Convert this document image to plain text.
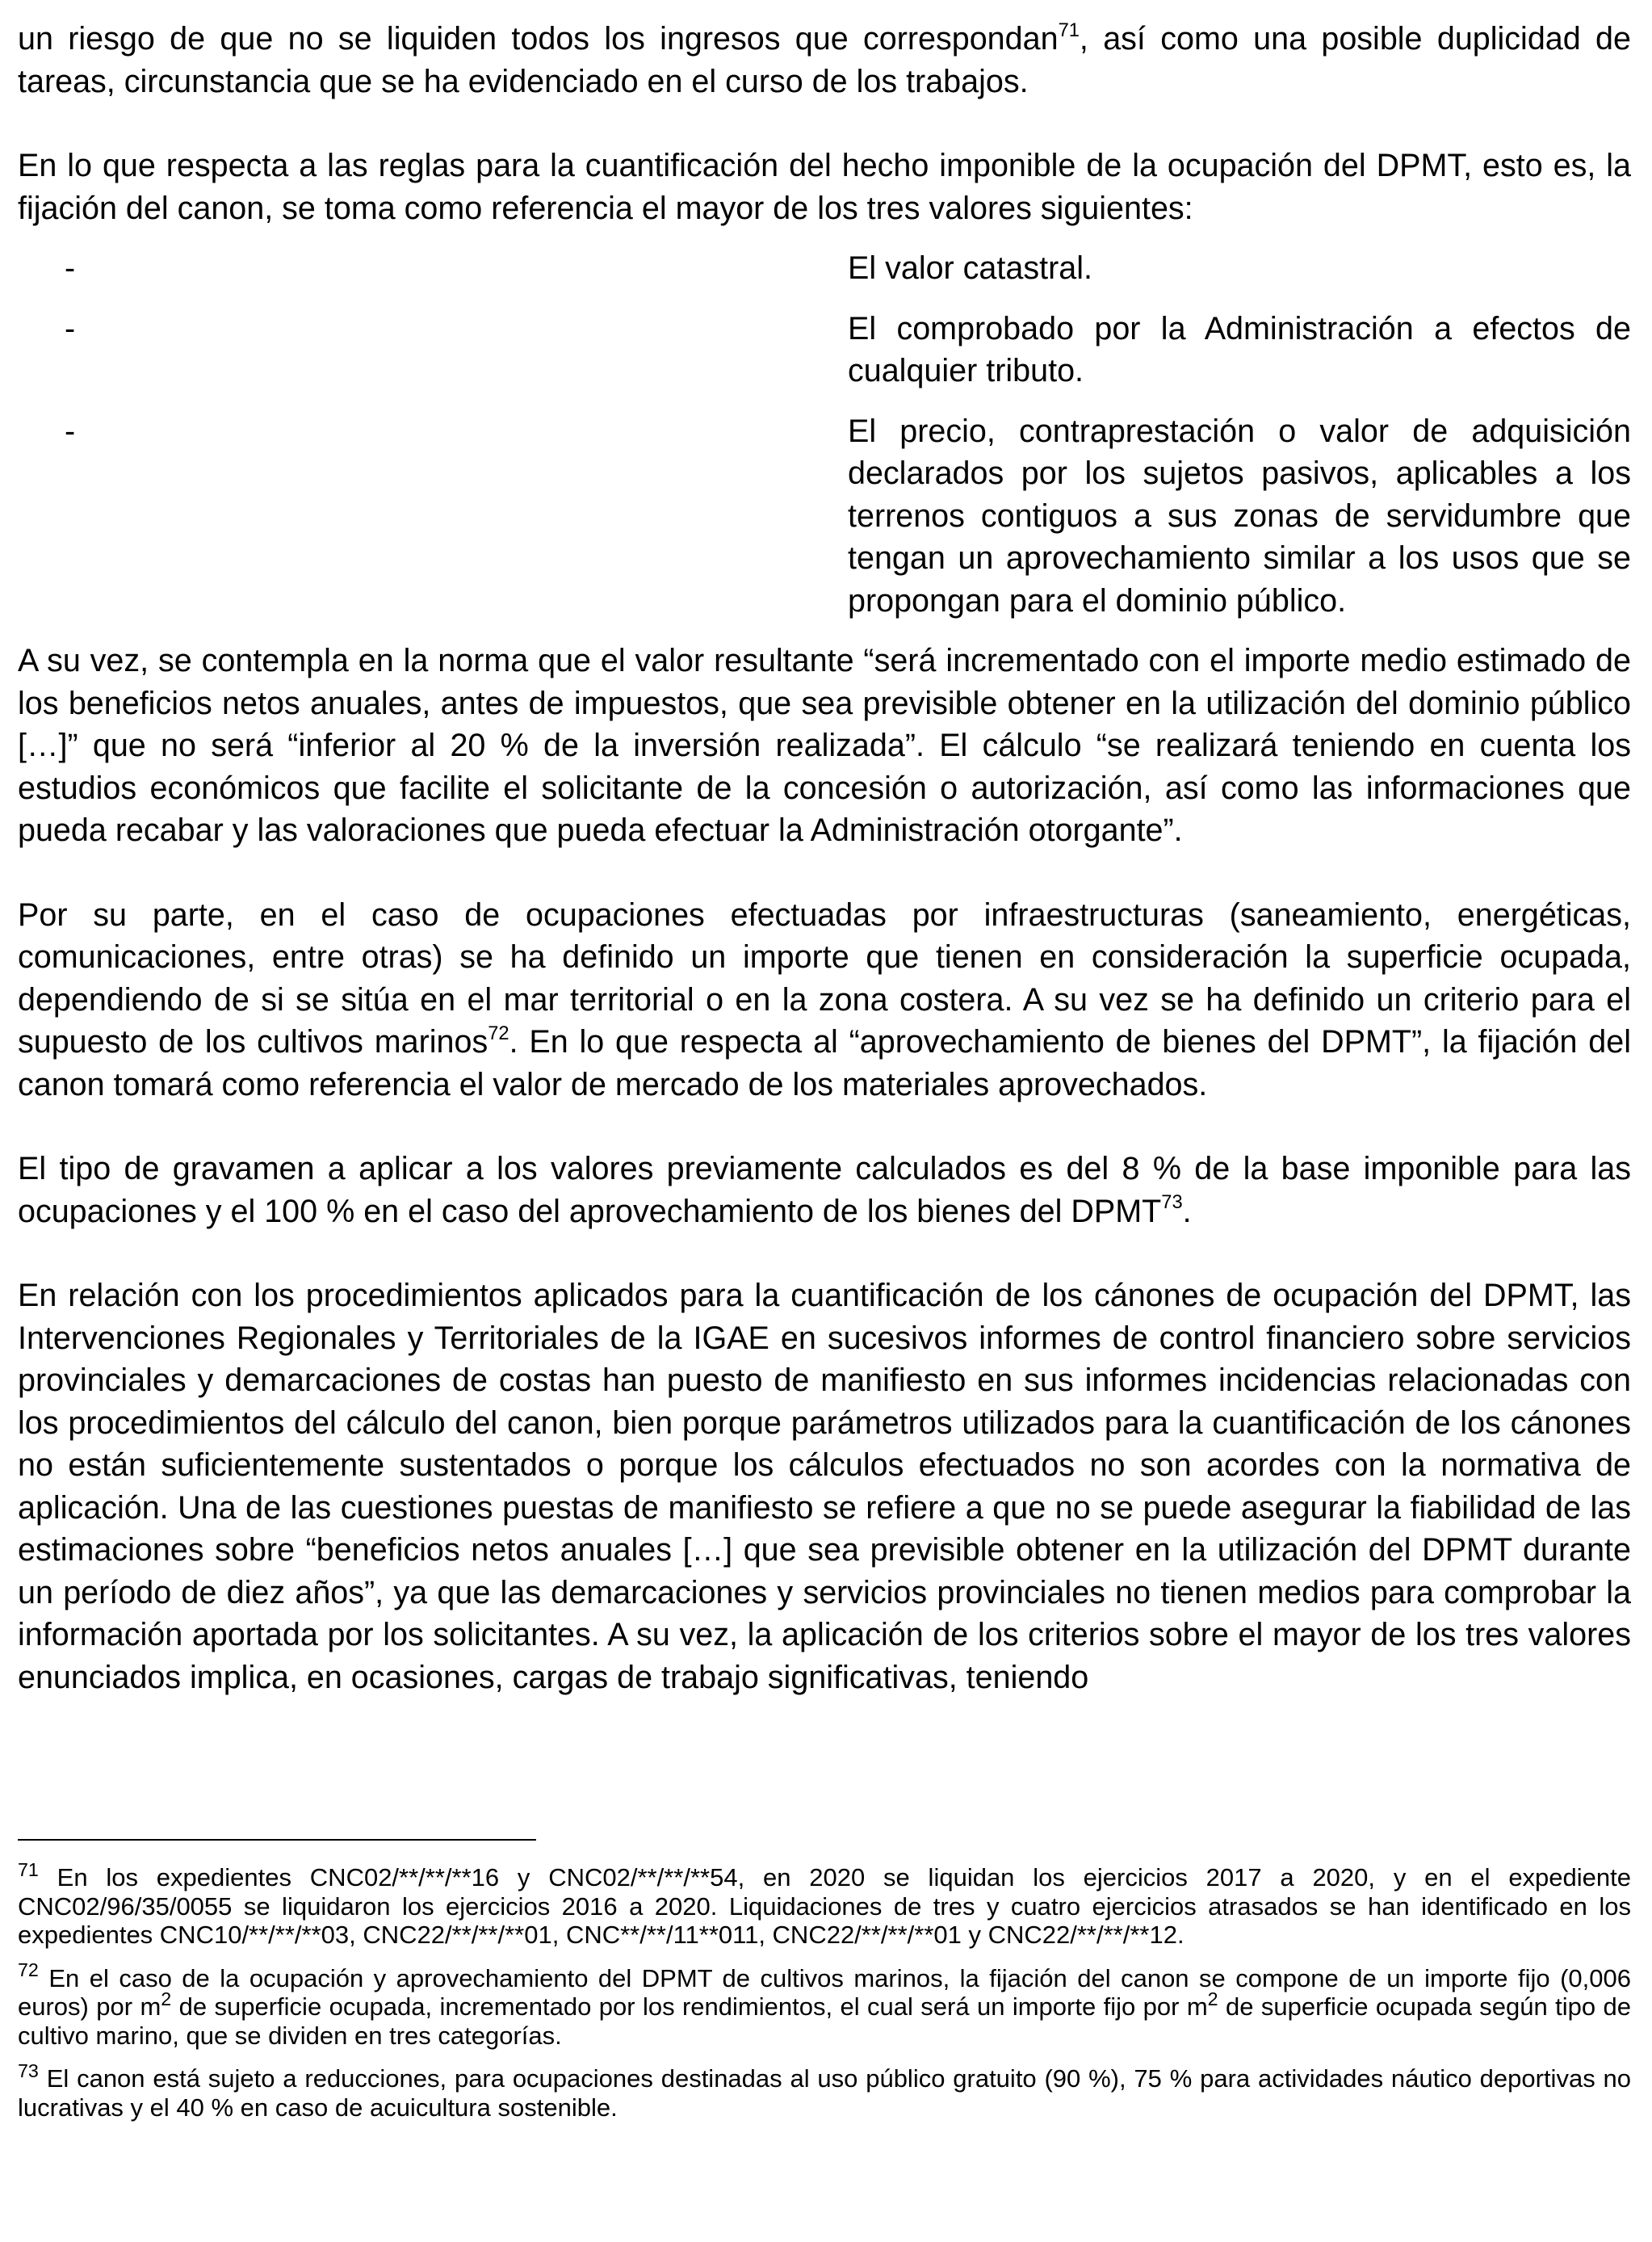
un riesgo de que no se liquiden todos los ingresos que correspondan$^{71}$, así como una posible duplicidad de tareas, circunstancia que se ha evidenciado en el curso de los trabajos.

En lo que respecta a las reglas para la cuantificación del hecho imponible de la ocupación del DPMT, esto es, la fijación del canon, se toma como referencia el mayor de los tres valores siguientes:

-	El valor catastral.

-	El comprobado por la Administración a efectos de cualquier tributo.

-	El precio, contraprestación o valor de adquisición declarados por los sujetos pasivos, aplicables a los terrenos contiguos a sus zonas de servidumbre que tengan un aprovechamiento similar a los usos que se propongan para el dominio público.

A su vez, se contempla en la norma que el valor resultante “será incrementado con el importe medio estimado de los beneficios netos anuales, antes de impuestos, que sea previsible obtener en la utilización del dominio público […]” que no será “inferior al 20 % de la inversión realizada”. El cálculo “se realizará teniendo en cuenta los estudios económicos que facilite el solicitante de la concesión o autorización, así como las informaciones que pueda recabar y las valoraciones que pueda efectuar la Administración otorgante”.

Por su parte, en el caso de ocupaciones efectuadas por infraestructuras (saneamiento, energéticas, comunicaciones, entre otras) se ha definido un importe que tienen en consideración la superficie ocupada, dependiendo de si se sitúa en el mar territorial o en la zona costera. A su vez se ha definido un criterio para el supuesto de los cultivos marinos$^{72}$. En lo que respecta al “aprovechamiento de bienes del DPMT”, la fijación del canon tomará como referencia el valor de mercado de los materiales aprovechados.

El tipo de gravamen a aplicar a los valores previamente calculados es del 8 % de la base imponible para las ocupaciones y el 100 % en el caso del aprovechamiento de los bienes del DPMT$^{73}$.

En relación con los procedimientos aplicados para la cuantificación de los cánones de ocupación del DPMT, las Intervenciones Regionales y Territoriales de la IGAE en sucesivos informes de control financiero sobre servicios provinciales y demarcaciones de costas han puesto de manifiesto en sus informes incidencias relacionadas con los procedimientos del cálculo del canon, bien porque parámetros utilizados para la cuantificación de los cánones no están suficientemente sustentados o porque los cálculos efectuados no son acordes con la normativa de aplicación. Una de las cuestiones puestas de manifiesto se refiere a que no se puede asegurar la fiabilidad de las estimaciones sobre “beneficios netos anuales […] que sea previsible obtener en la utilización del DPMT durante un período de diez años”, ya que las demarcaciones y servicios provinciales no tienen medios para comprobar la información aportada por los solicitantes. A su vez, la aplicación de los criterios sobre el mayor de los tres valores enunciados implica, en ocasiones, cargas de trabajo significativas, teniendo

$^{71}$ En los expedientes CNC02/**/**/**16 y CNC02/**/**/**54, en 2020 se liquidan los ejercicios 2017 a 2020, y en el expediente CNC02/96/35/0055 se liquidaron los ejercicios 2016 a 2020. Liquidaciones de tres y cuatro ejercicios atrasados se han identificado en los expedientes CNC10/**/**/**03, CNC22/**/**/**01, CNC**/**/11**011, CNC22/**/**/**01 y CNC22/**/**/**12.

$^{72}$ En el caso de la ocupación y aprovechamiento del DPMT de cultivos marinos, la fijación del canon se compone de un importe fijo (0,006 euros) por $m^2$ de superficie ocupada, incrementado por los rendimientos, el cual será un importe fijo por $m^2$ de superficie ocupada según tipo de cultivo marino, que se dividen en tres categorías.

$^{73}$ El canon está sujeto a reducciones, para ocupaciones destinadas al uso público gratuito (90 %), 75 % para actividades náutico deportivas no lucrativas y el 40 % en caso de acuicultura sostenible.
